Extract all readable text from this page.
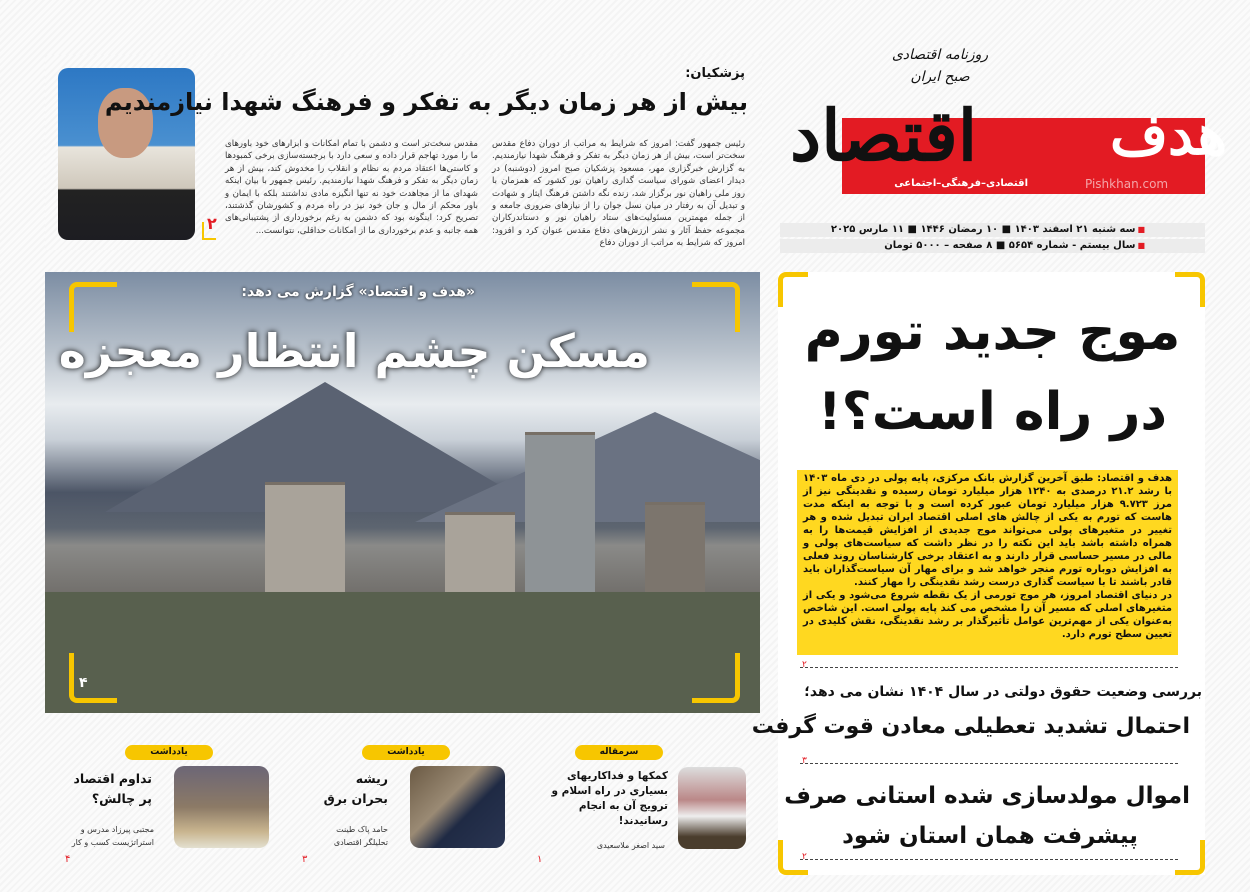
پزشکیان:
بیش از هر زمان دیگر به تفکر و فرهنگ شهدا نیازمندیم

رئیس جمهور گفت: امروز که شرایط به مراتب از دوران دفاع مقدس سخت‌تر است، بیش از هر زمان دیگر به تفکر و فرهنگ شهدا نیازمندیم. به گزارش خبرگزاری مهر، مسعود پزشکیان صبح امروز (دوشنبه) در دیدار اعضای شورای سیاست گذاری راهیان نور کشور که همزمان با روز ملی راهیان نور برگزار شد، زنده نگه داشتن فرهنگ ایثار و شهادت و تبدیل آن به رفتار در میان نسل جوان را از نیازهای ضروری جامعه و از جمله مهمترین مسئولیت‌های ستاد راهیان نور و دستاندرکاران مجموعه حفظ آثار و نشر ارزش‌های دفاع مقدس عنوان کرد و افزود: امروز که شرایط به مراتب از دوران دفاع

مقدس سخت‌تر است و دشمن با تمام امکانات و ابزارهای خود باورهای ما را مورد تهاجم قرار داده و سعی دارد با برجسته‌سازی برخی کمبودها و کاستی‌ها اعتقاد مردم به نظام و انقلاب را مخدوش کند، بیش از هر زمان دیگر به تفکر و فرهنگ شهدا نیازمندیم. رئیس جمهور با بیان اینکه شهدای ما از مجاهدت خود نه تنها انگیزه مادی نداشتند بلکه با ایمان و باور محکم از مال و جان خود نیز در راه مردم و کشورشان گذشتند، تصریح کرد: اینگونه بود که دشمن به رغم برخورداری از پشتیبانی‌های همه جانبه و عدم برخورداری ما از امکانات حداقلی، نتوانست...

۲
اقتصاد هدف
Pishkhan.com
روزنامه اقتصادی
صبح ایران
اقتصادی–فرهنگی–اجتماعی
■ سه شنبه ۲۱ اسفند ۱۴۰۳ ■ ۱۰ رمضان ۱۴۴۶ ■ ۱۱ مارس ۲۰۲۵
■ سال بیستم - شماره ۵۶۵۴ ■ ۸ صفحه – ۵۰۰۰ تومان
«هدف و اقتصاد» گزارش می دهد:
مسکن چشم انتظار معجزه
۴
موج جدید تورم
در راه است؟!

هدف و اقتصاد: طبق آخرین گزارش بانک مرکزی، پایه پولی در دی ماه ۱۴۰۳ با رشد ۲۱.۲ درصدی به ۱۲۴۰ هزار میلیارد تومان رسیده و نقدینگی نیز از مرز ۹.۷۲۳ هزار میلیارد تومان عبور کرده است و با توجه به اینکه مدت هاست که تورم به یکی از چالش های اصلی اقتصاد ایران تبدیل شده و هر تغییر در متغیرهای پولی می‌تواند موج جدیدی از افزایش قیمت‌ها را به همراه داشته باشد باید این نکته را در نظر داشت که سیاست‌های پولی و مالی در مسیر حساسی قرار دارند و به اعتقاد برخی کارشناسان روند فعلی به افزایش دوباره تورم منجر خواهد شد و برای مهار آن سیاست‌گذاران باید قادر باشند تا با سیاست گذاری درست رشد نقدینگی را مهار کنند.

در دنیای اقتصاد امروز، هر موج تورمی از یک نقطه شروع می‌شود و یکی از متغیرهای اصلی که مسیر آن را مشخص می کند پایه پولی است. این شاخص به‌عنوان یکی از مهم‌ترین عوامل تأثیرگذار بر رشد نقدینگی، نقش کلیدی در تعیین سطح تورم دارد.

۲
بررسی وضعیت حقوق دولتی در سال ۱۴۰۴ نشان می دهد؛
احتمال تشدید تعطیلی معادن قوت گرفت
۳
اموال مولدسازی شده استانی صرف
پیشرفت همان استان شود
۲
سرمقاله
کمکها و فداکاریهای بسیاری در راه اسلام و ترویج آن به انجام رسانیدند!
سید اصغر ملاسعیدی
۱
یادداشت
ریشه
بحران برق
حامد پاک طینت
تحلیلگر اقتصادی
۳
یادداشت
تداوم اقتصاد
پر چالش؟
مجتبی پیرزاد مدرس و
استراتژیست کسب و کار
۴
